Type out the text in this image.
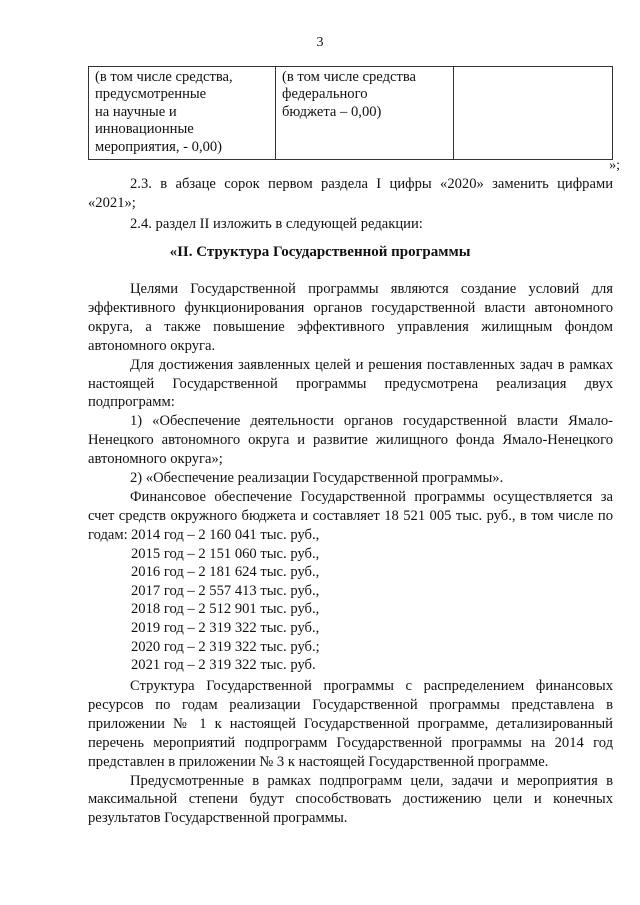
3
(в том числе средства,
предусмотренные
на научные и
инновационные
мероприятия, - 0,00)
(в том числе средства
федерального
бюджета – 0,00)
»;

2.3. в абзаце сорок первом раздела I цифры «2020» заменить цифрами «2021»;

2.4. раздел II изложить в следующей редакции:

«II. Структура Государственной программы

Целями Государственной программы являются создание условий для эффективного функционирования органов государственной власти автономного округа, а также повышение эффективного управления жилищным фондом автономного округа.

Для достижения заявленных целей и решения поставленных задач в рамках настоящей Государственной программы предусмотрена реализация двух подпрограмм:

1) «Обеспечение деятельности органов государственной власти Ямало-Ненецкого автономного округа и развитие жилищного фонда Ямало-Ненецкого автономного округа»;

2) «Обеспечение реализации Государственной программы».

Финансовое обеспечение Государственной программы осуществляется за счет средств окружного бюджета и составляет 18 521 005 тыс. руб., в том числе по годам: 2014 год – 2 160 041 тыс. руб.,
2015 год – 2 151 060 тыс. руб.,
2016 год – 2 181 624 тыс. руб.,
2017 год – 2 557 413 тыс. руб.,
2018 год – 2 512 901 тыс. руб.,
2019 год – 2 319 322 тыс. руб.,
2020 год – 2 319 322 тыс. руб.;
2021 год – 2 319 322 тыс. руб.

Структура Государственной программы с распределением финансовых ресурсов по годам реализации Государственной программы представлена в приложении № 1 к настоящей Государственной программе, детализированный перечень мероприятий подпрограмм Государственной программы на 2014 год представлен в приложении № 3 к настоящей Государственной программе.

Предусмотренные в рамках подпрограмм цели, задачи и мероприятия в максимальной степени будут способствовать достижению цели и конечных результатов Государственной программы.
